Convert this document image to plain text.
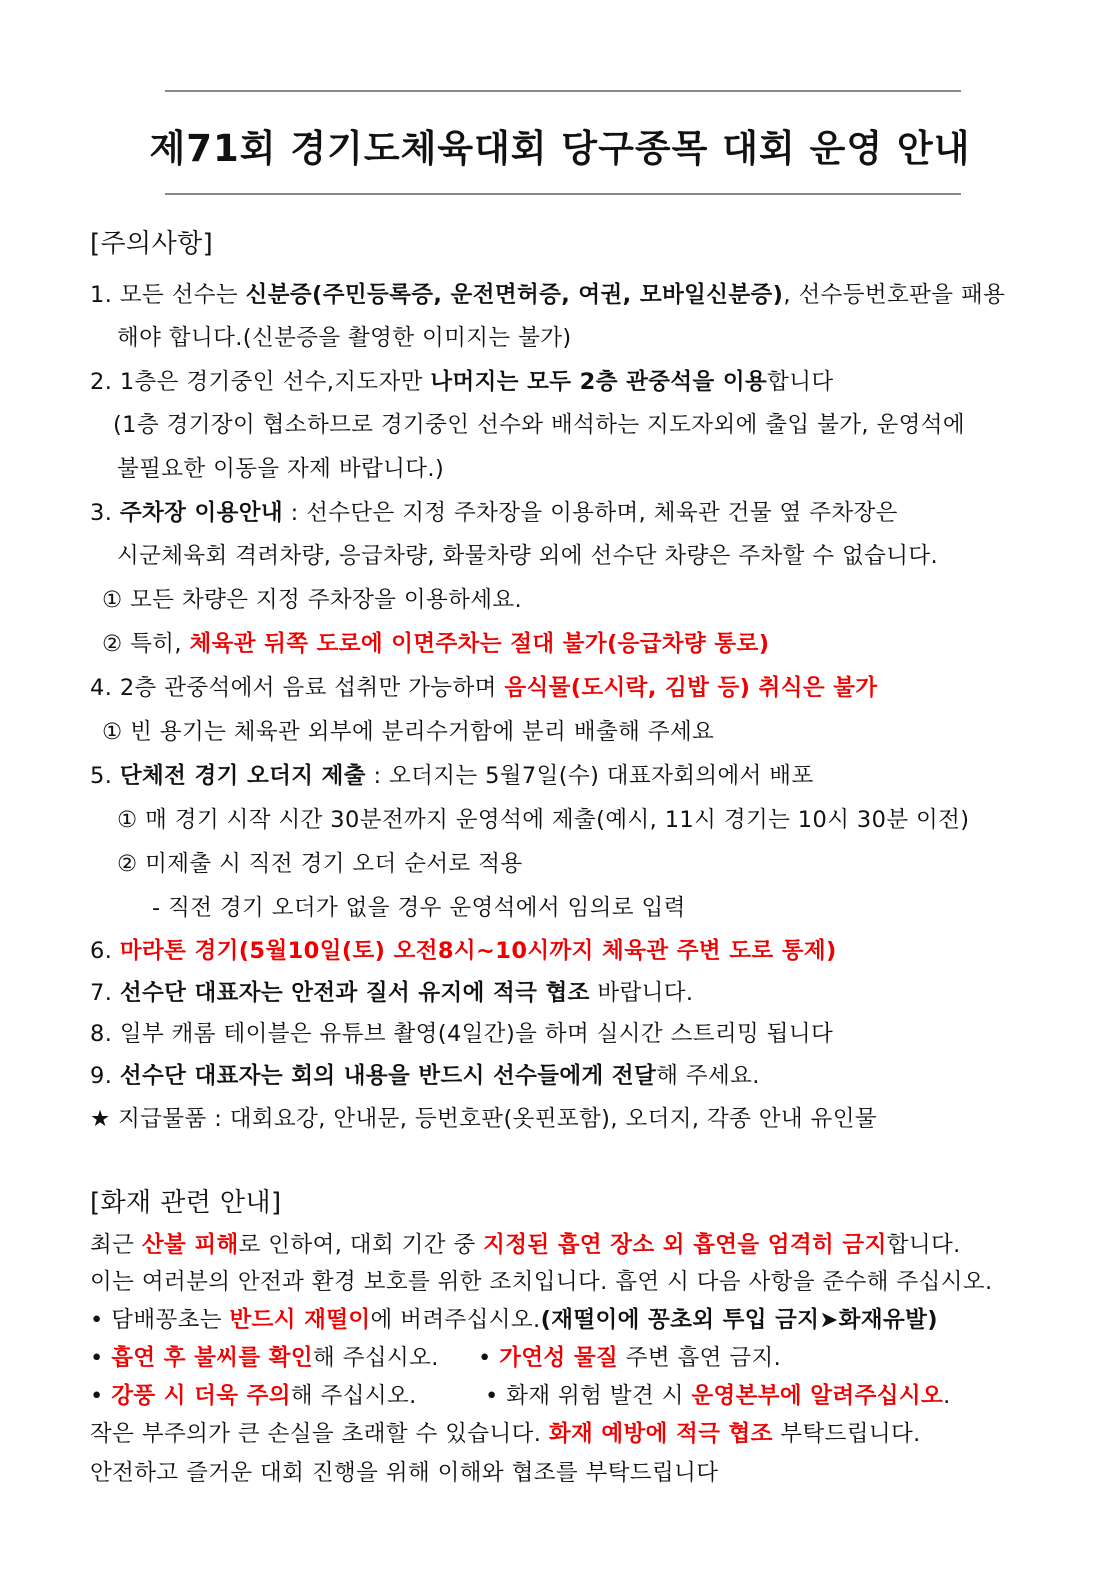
제71회 경기도체육대회 당구종목 대회 운영 안내
[주의사항]
1. 모든 선수는 신분증(주민등록증, 운전면허증, 여권, 모바일신분증), 선수등번호판을 패용
해야 합니다.(신분증을 촬영한 이미지는 불가)
2. 1층은 경기중인 선수,지도자만 나머지는 모두 2층 관중석을 이용합니다
(1층 경기장이 협소하므로 경기중인 선수와 배석하는 지도자외에 출입 불가, 운영석에
불필요한 이동을 자제 바랍니다.)
3. 주차장 이용안내 : 선수단은 지정 주차장을 이용하며, 체육관 건물 옆 주차장은
시군체육회 격려차량, 응급차량, 화물차량 외에 선수단 차량은 주차할 수 없습니다.
① 모든 차량은 지정 주차장을 이용하세요.
② 특히, 체육관 뒤쪽 도로에 이면주차는 절대 불가(응급차량 통로)
4. 2층 관중석에서 음료 섭취만 가능하며 음식물(도시락, 김밥 등) 취식은 불가
① 빈 용기는 체육관 외부에 분리수거함에 분리 배출해 주세요
5. 단체전 경기 오더지 제출 : 오더지는 5월7일(수) 대표자회의에서 배포
① 매 경기 시작 시간 30분전까지 운영석에 제출(예시, 11시 경기는 10시 30분 이전)
② 미제출 시 직전 경기 오더 순서로 적용
- 직전 경기 오더가 없을 경우 운영석에서 임의로 입력
6. 마라톤 경기(5월10일(토) 오전8시~10시까지 체육관 주변 도로 통제)
7. 선수단 대표자는 안전과 질서 유지에 적극 협조 바랍니다.
8. 일부 캐롬 테이블은 유튜브 촬영(4일간)을 하며 실시간 스트리밍 됩니다
9. 선수단 대표자는 회의 내용을 반드시 선수들에게 전달해 주세요.
★ 지급물품 : 대회요강, 안내문, 등번호판(옷핀포함), 오더지, 각종 안내 유인물
[화재 관련 안내]
최근 산불 피해로 인하여, 대회 기간 중 지정된 흡연 장소 외 흡연을 엄격히 금지합니다.
이는 여러분의 안전과 환경 보호를 위한 조치입니다. 흡연 시 다음 사항을 준수해 주십시오.
• 담배꽁초는 반드시 재떨이에 버려주십시오.(재떨이에 꽁초외 투입 금지➤화재유발)
• 흡연 후 불씨를 확인해 주십시오. • 가연성 물질 주변 흡연 금지.
• 강풍 시 더욱 주의해 주십시오.	• 화재 위험 발견 시 운영본부에 알려주십시오.
작은 부주의가 큰 손실을 초래할 수 있습니다. 화재 예방에 적극 협조 부탁드립니다.
안전하고 즐거운 대회 진행을 위해 이해와 협조를 부탁드립니다
